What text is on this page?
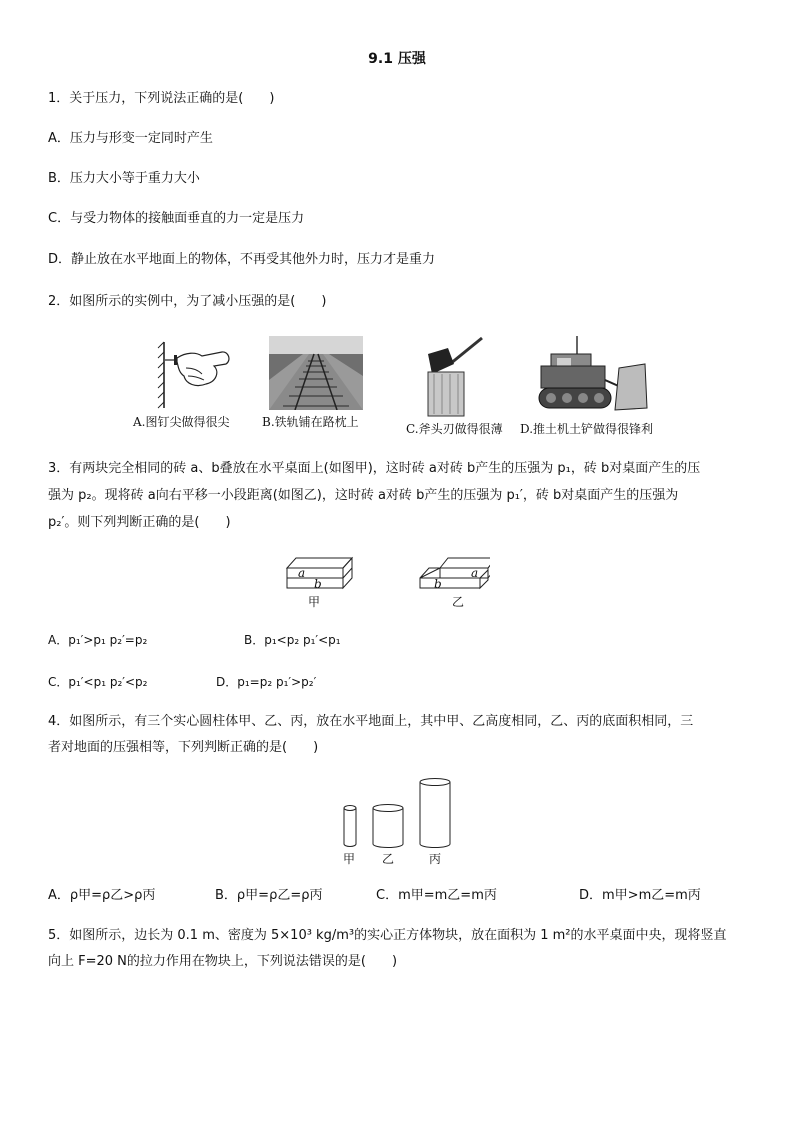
9.1 压强
1．关于压力，下列说法正确的是(　　)
A．压力与形变一定同时产生
B．压力大小等于重力大小
C．与受力物体的接触面垂直的力一定是压力
D．静止放在水平地面上的物体，不再受其他外力时，压力才是重力
2．如图所示的实例中，为了减小压强的是(　　)
A.图钉尖做得很尖	B.铁轨铺在路枕上	C.斧头刃做得很薄 D.推土机土铲做得很锋利
3．有两块完全相同的砖 a、b叠放在水平桌面上(如图甲)，这时砖 a对砖 b产生的压强为 p₁，砖 b对桌面产生的压
强为 p₂。现将砖 a向右平移一小段距离(如图乙)，这时砖 a对砖 b产生的压强为 p₁′，砖 b对桌面产生的压强为
p₂′。则下列判断正确的是(　　)
a
b
a
b
甲	乙
A．p₁′>p₁ p₂′=p₂	B．p₁<p₂ p₁′<p₁
C．p₁′<p₁ p₂′<p₂	D．p₁=p₂ p₁′>p₂′
4．如图所示，有三个实心圆柱体甲、乙、丙，放在水平地面上，其中甲、乙高度相同，乙、丙的底面积相同，三
者对地面的压强相等，下列判断正确的是(　　)
甲 乙	丙
A．ρ甲=ρ乙>ρ丙	B．ρ甲=ρ乙=ρ丙	C．m甲=m乙=m丙	D．m甲>m乙=m丙
5．如图所示，边长为 0.1 m、密度为 5×10³ kg/m³的实心正方体物块，放在面积为 1 m²的水平桌面中央，现将竖直
向上 F=20 N的拉力作用在物块上，下列说法错误的是(　　)
